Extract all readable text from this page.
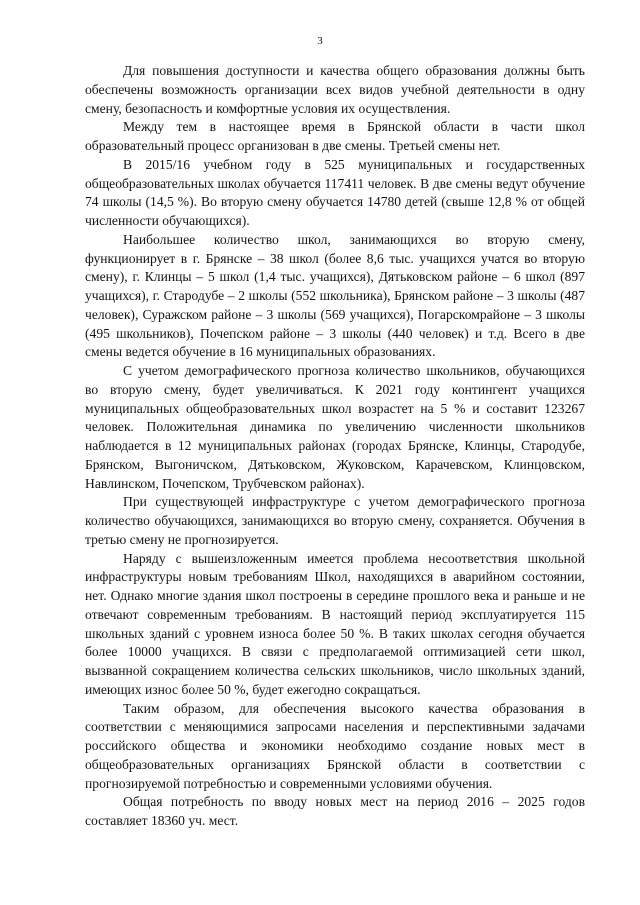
3

Для повышения доступности и качества общего образования должны быть обеспечены возможность организации всех видов учебной деятельности в одну смену, безопасность и комфортные условия их осуществления.

Между тем в настоящее время в Брянской области в части школ образовательный процесс организован в две смены. Третьей смены нет.

В 2015/16 учебном году в 525 муниципальных и государственных общеобразовательных школах обучается 117411 человек. В две смены ведут обучение 74 школы (14,5 %). Во вторую смену обучается 14780 детей (свыше 12,8 % от общей численности обучающихся).

Наибольшее количество школ, занимающихся во вторую смену, функционирует в г. Брянске – 38 школ (более 8,6 тыс. учащихся учатся во вторую смену), г. Клинцы – 5 школ (1,4 тыс. учащихся), Дятьковском районе – 6 школ (897 учащихся), г. Стародубе – 2 школы (552 школьника), Брянском районе – 3 школы (487 человек), Суражском районе – 3 школы (569 учащихся), Погарскомрайоне – 3 школы (495 школьников), Почепском районе – 3 школы (440 человек) и т.д. Всего в две смены ведется обучение в 16 муниципальных образованиях.

С учетом демографического прогноза количество школьников, обучающихся во вторую смену, будет увеличиваться. К 2021 году контингент учащихся муниципальных общеобразовательных школ возрастет на 5 % и составит 123267 человек. Положительная динамика по увеличению численности школьников наблюдается в 12 муниципальных районах (городах Брянске, Клинцы, Стародубе, Брянском, Выгоничском, Дятьковском, Жуковском, Карачевском, Клинцовском, Навлинском, Почепском, Трубчевском районах).

При существующей инфраструктуре с учетом демографического прогноза количество обучающихся, занимающихся во вторую смену, сохраняется. Обучения в третью смену не прогнозируется.

Наряду с вышеизложенным имеется проблема несоответствия школьной инфраструктуры новым требованиям Школ, находящихся в аварийном состоянии, нет. Однако многие здания школ построены в середине прошлого века и раньше и не отвечают современным требованиям. В настоящий период эксплуатируется 115 школьных зданий с уровнем износа более 50 %. В таких школах сегодня обучается более 10000 учащихся. В связи с предполагаемой оптимизацией сети школ, вызванной сокращением количества сельских школьников, число школьных зданий, имеющих износ более 50 %, будет ежегодно сокращаться.

Таким образом, для обеспечения высокого качества образования в соответствии с меняющимися запросами населения и перспективными задачами российского общества и экономики необходимо создание новых мест в общеобразовательных организациях Брянской области в соответствии с прогнозируемой потребностью и современными условиями обучения.

Общая потребность по вводу новых мест на период 2016 – 2025 годов составляет 18360 уч. мест.
